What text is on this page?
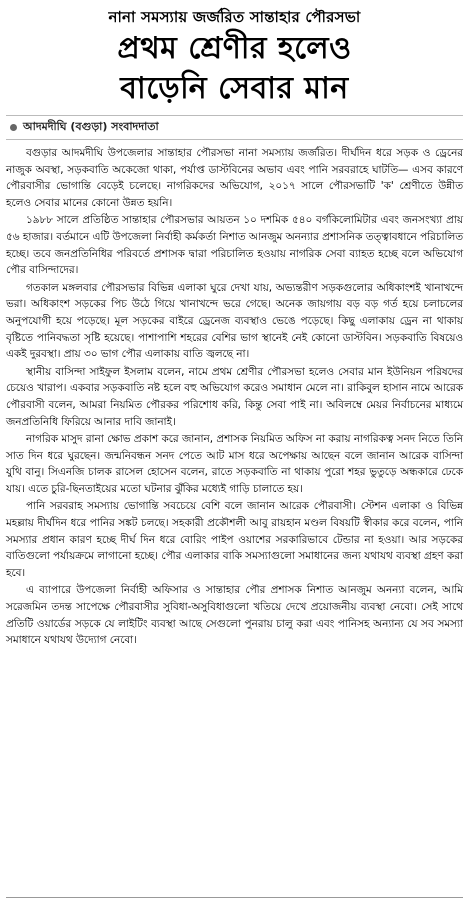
নানা সমস্যায় জর্জরিত সান্তাহার পৌরসভা
প্রথম শ্রেণীর হলেও
বাড়েনি সেবার মান
আদমদীঘি (বগুড়া) সংবাদদাতা

বগুড়ার আদমদীঘি উপজেলার সান্তাহার পৌরসভা নানা সমস্যায় জর্জরিত। দীর্ঘদিন ধরে সড়ক ও ড্রেনের নাজুক অবস্থা, সড়কবাতি অকেজো থাকা, পর্যাপ্ত ডাস্টবিনের অভাব এবং পানি সরবরাহে ঘাটতি— এসব কারণে পৌরবাসীর ভোগান্তি বেড়েই চলেছে। নাগরিকদের অভিযোগ, ২০১৭ সালে পৌরসভাটি 'ক' শ্রেণীতে উন্নীত হলেও সেবার মানের কোনো উন্নত হয়নি।

১৯৮৮ সালে প্রতিষ্ঠিত সান্তাহার পৌরসভার আয়তন ১০ দশমিক ৫৪০ বর্গকিলোমিটার এবং জনসংখ্যা প্রায় ৫৬ হাজার। বর্তমানে এটি উপজেলা নির্বাহী কর্মকর্তা নিশাত আনজুম অনন্যার প্রশাসনিক তত্ত্বাবধানে পরিচালিত হচ্ছে। তবে জনপ্রতিনিধির পরিবর্তে প্রশাসক দ্বারা পরিচালিত হওয়ায় নাগরিক সেবা ব্যাহত হচ্ছে বলে অভিযোগ পৌর বাসিন্দাদের।

গতকাল মঙ্গলবার পৌরসভার বিভিন্ন এলাকা ঘুরে দেখা যায়, অভ্যন্তরীণ সড়কগুলোর অধিকাংশই খানাখন্দে ভরা। অধিকাংশ সড়কের পিচ উঠে গিয়ে খানাখন্দে ভরে গেছে। অনেক জায়গায় বড় বড় গর্ত হয়ে চলাচলের অনুপযোগী হয়ে পড়েছে। মূল সড়কের বাইরে ড্রেনেজ ব্যবস্থাও ভেঙে পড়েছে। কিছু এলাকায় ড্রেন না থাকায় বৃষ্টিতে পানিবদ্ধতা সৃষ্টি হয়েছে। পাশাপাশি শহরের বেশির ভাগ স্থানেই নেই কোনো ডাস্টবিন। সড়কবাতি বিষয়েও একই দুরবস্থা। প্রায় ৩০ ভাগ পৌর এলাকায় বাতি জ্বলছে না।

স্থানীয় বাসিন্দা সাইফুল ইসলাম বলেন, নামে প্রথম শ্রেণীর পৌরসভা হলেও সেবার মান ইউনিয়ন পরিষদের চেয়েও খারাপ। একবার সড়কবাতি নষ্ট হলে বহু অভিযোগ করেও সমাধান মেলে না। রাকিবুল হাসান নামে আরেক পৌরবাসী বলেন, আমরা নিয়মিত পৌরকর পরিশোধ করি, কিন্তু সেবা পাই না। অবিলম্বে মেয়র নির্বাচনের মাধ্যমে জনপ্রতিনিধি ফিরিয়ে আনার দাবি জানাই।

নাগরিক মাসুদ রানা ক্ষোভ প্রকাশ করে জানান, প্রশাসক নিয়মিত অফিস না করায় নাগরিকত্ব সনদ নিতে তিনি সাত দিন ধরে ঘুরছেন। জন্মনিবন্ধন সনদ পেতে আট মাস ধরে অপেক্ষায় আছেন বলে জানান আরেক বাসিন্দা যুথি বানু। সিএনজি চালক রাসেল হোসেন বলেন, রাতে সড়কবাতি না থাকায় পুরো শহর ভুতুড়ে অন্ধকারে ঢেকে যায়। এতে চুরি-ছিনতাইয়ের মতো ঘটনার ঝুঁকির মধ্যেই গাড়ি চালাতে হয়।

পানি সরবরাহ সমস্যায় ভোগান্তি সবচেয়ে বেশি বলে জানান আরেক পৌরবাসী। স্টেশন এলাকা ও বিভিন্ন মহল্লায় দীর্ঘদিন ধরে পানির সঙ্কট চলছে। সহকারী প্রকৌশলী আবু রায়হান মণ্ডল বিষয়টি স্বীকার করে বলেন, পানি সমস্যার প্রধান কারণ হচ্ছে দীর্ঘ দিন ধরে বোরিং পাইপ ওয়াশের সরকারিভাবে টেন্ডার না হওয়া। আর সড়কের বাতিগুলো পর্যায়ক্রমে লাগানো হচ্ছে। পৌর এলাকার বাকি সমস্যাগুলো সমাধানের জন্য যথাযথ ব্যবস্থা গ্রহণ করা হবে।

এ ব্যাপারে উপজেলা নির্বাহী অফিসার ও সান্তাহার পৌর প্রশাসক নিশাত আনজুম অনন্যা বলেন, আমি সরেজমিন তদন্ত সাপেক্ষে পৌরবাসীর সুবিধা-অসুবিধাগুলো খতিয়ে দেখে প্রয়োজনীয় ব্যবস্থা নেবো। সেই সাথে প্রতিটি ওয়ার্ডের সড়কে যে লাইটিং ব্যবস্থা আছে সেগুলো পুনরায় চালু করা এবং পানিসহ অন্যান্য যে সব সমস্যা সমাধানে যথাযথ উদ্যোগ নেবো।
